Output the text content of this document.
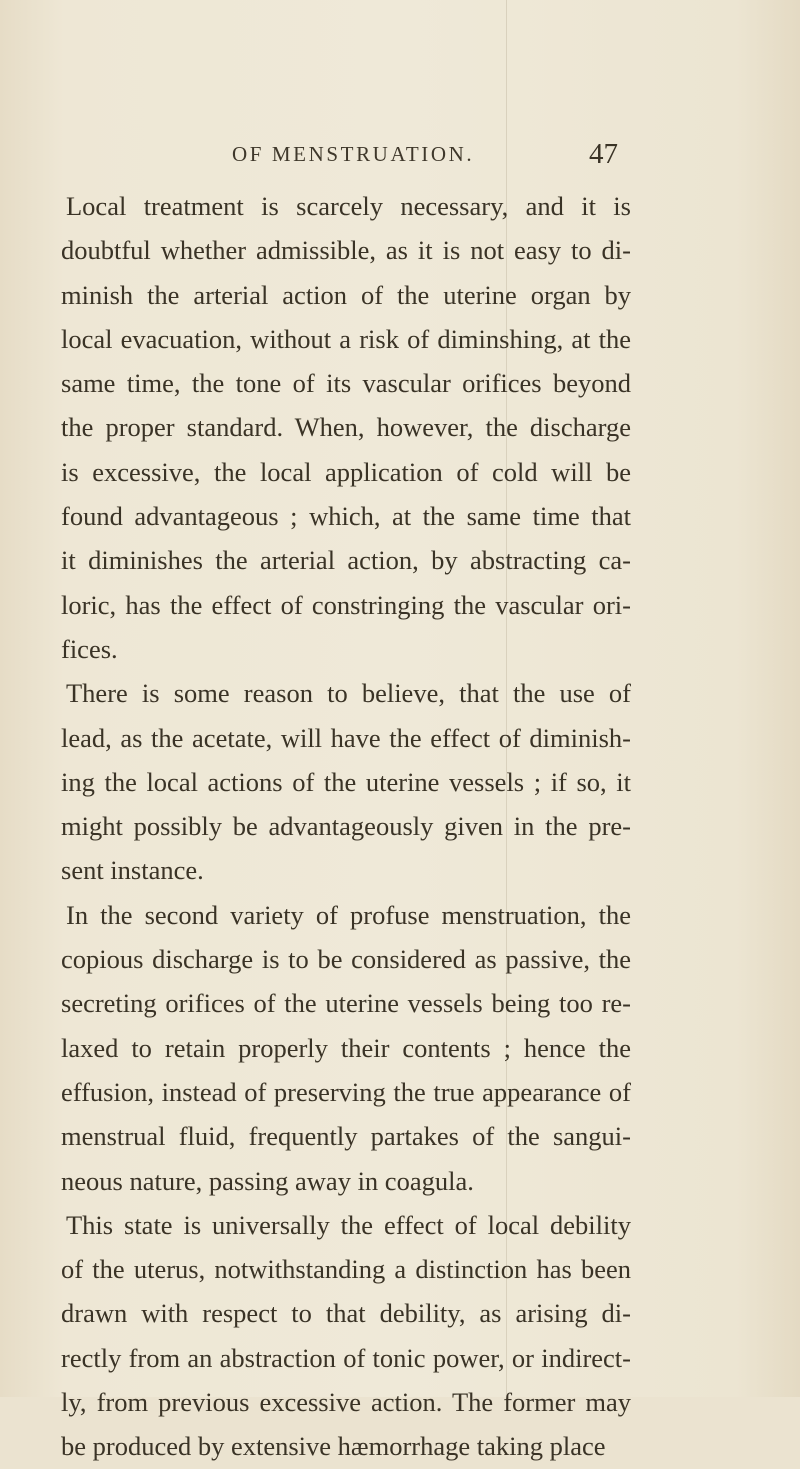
OF MENSTRUATION.	47

Local treatment is scarcely necessary, and it is
doubtful whether admissible, as it is not easy to di-
minish the arterial action of the uterine organ by
local evacuation, without a risk of diminshing, at the
same time, the tone of its vascular orifices beyond
the proper standard. When, however, the discharge
is excessive, the local application of cold will be
found advantageous ; which, at the same time that
it diminishes the arterial action, by abstracting ca-
loric, has the effect of constringing the vascular ori-
fices.

There is some reason to believe, that the use of
lead, as the acetate, will have the effect of diminish-
ing the local actions of the uterine vessels ; if so, it
might possibly be advantageously given in the pre-
sent instance.

In the second variety of profuse menstruation, the
copious discharge is to be considered as passive, the
secreting orifices of the uterine vessels being too re-
laxed to retain properly their contents ; hence the
effusion, instead of preserving the true appearance of
menstrual fluid, frequently partakes of the sangui-
neous nature, passing away in coagula.

This state is universally the effect of local debility
of the uterus, notwithstanding a distinction has been
drawn with respect to that debility, as arising di-
rectly from an abstraction of tonic power, or indirect-
ly, from previous excessive action. The former may
be produced by extensive hæmorrhage taking place
